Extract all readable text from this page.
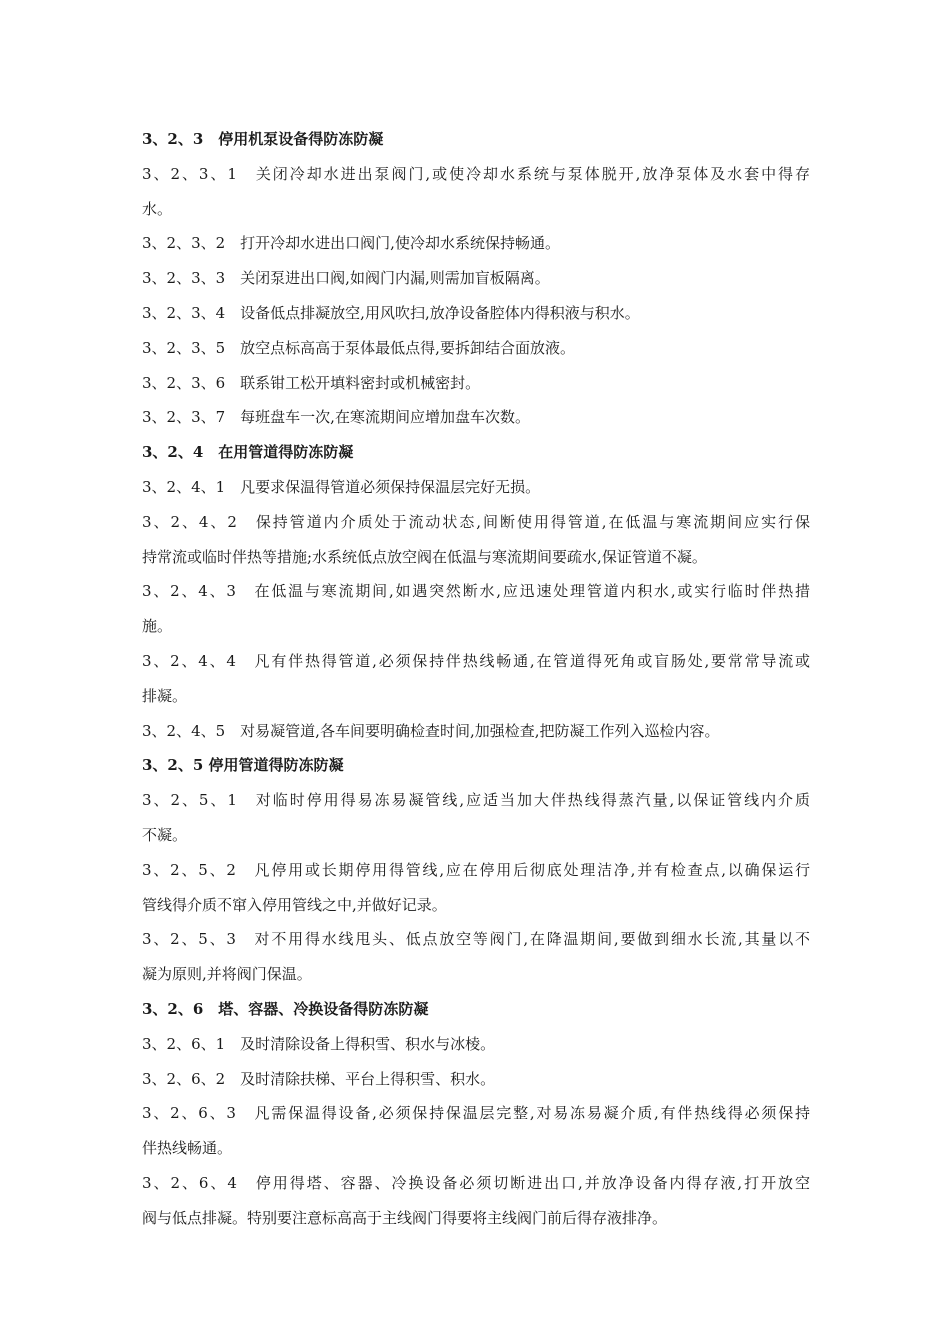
3、2、3　停用机泵设备得防冻防凝
3、2、3、1　关闭冷却水进出泵阀门,或使冷却水系统与泵体脱开,放净泵体及水套中得存
水。
3、2、3、2　打开冷却水进出口阀门,使冷却水系统保持畅通。
3、2、3、3　关闭泵进出口阀,如阀门内漏,则需加盲板隔离。
3、2、3、4　设备低点排凝放空,用风吹扫,放净设备腔体内得积液与积水。
3、2、3、5　放空点标高高于泵体最低点得,要拆卸结合面放液。
3、2、3、6　联系钳工松开填料密封或机械密封。
3、2、3、7　每班盘车一次,在寒流期间应增加盘车次数。
3、2、4　在用管道得防冻防凝
3、2、4、1　凡要求保温得管道必须保持保温层完好无损。
3、2、4、2　保持管道内介质处于流动状态,间断使用得管道,在低温与寒流期间应实行保
持常流或临时伴热等措施;水系统低点放空阀在低温与寒流期间要疏水,保证管道不凝。
3、2、4、3　在低温与寒流期间,如遇突然断水,应迅速处理管道内积水,或实行临时伴热措
施。
3、2、4、4　凡有伴热得管道,必须保持伴热线畅通,在管道得死角或盲肠处,要常常导流或
排凝。
3、2、4、5　对易凝管道,各车间要明确检查时间,加强检查,把防凝工作列入巡检内容。
3、2、5 停用管道得防冻防凝
3、2、5、1　对临时停用得易冻易凝管线,应适当加大伴热线得蒸汽量,以保证管线内介质
不凝。
3、2、5、2　凡停用或长期停用得管线,应在停用后彻底处理洁净,并有检查点,以确保运行
管线得介质不窜入停用管线之中,并做好记录。
3、2、5、3　对不用得水线甩头、低点放空等阀门,在降温期间,要做到细水长流,其量以不
凝为原则,并将阀门保温。
3、2、6　塔、容器、冷换设备得防冻防凝
3、2、6、1　及时清除设备上得积雪、积水与冰棱。
3、2、6、2　及时清除扶梯、平台上得积雪、积水。
3、2、6、3　凡需保温得设备,必须保持保温层完整,对易冻易凝介质,有伴热线得必须保持
伴热线畅通。
3、2、6、4　停用得塔、容器、冷换设备必须切断进出口,并放净设备内得存液,打开放空
阀与低点排凝。特别要注意标高高于主线阀门得要将主线阀门前后得存液排净。
